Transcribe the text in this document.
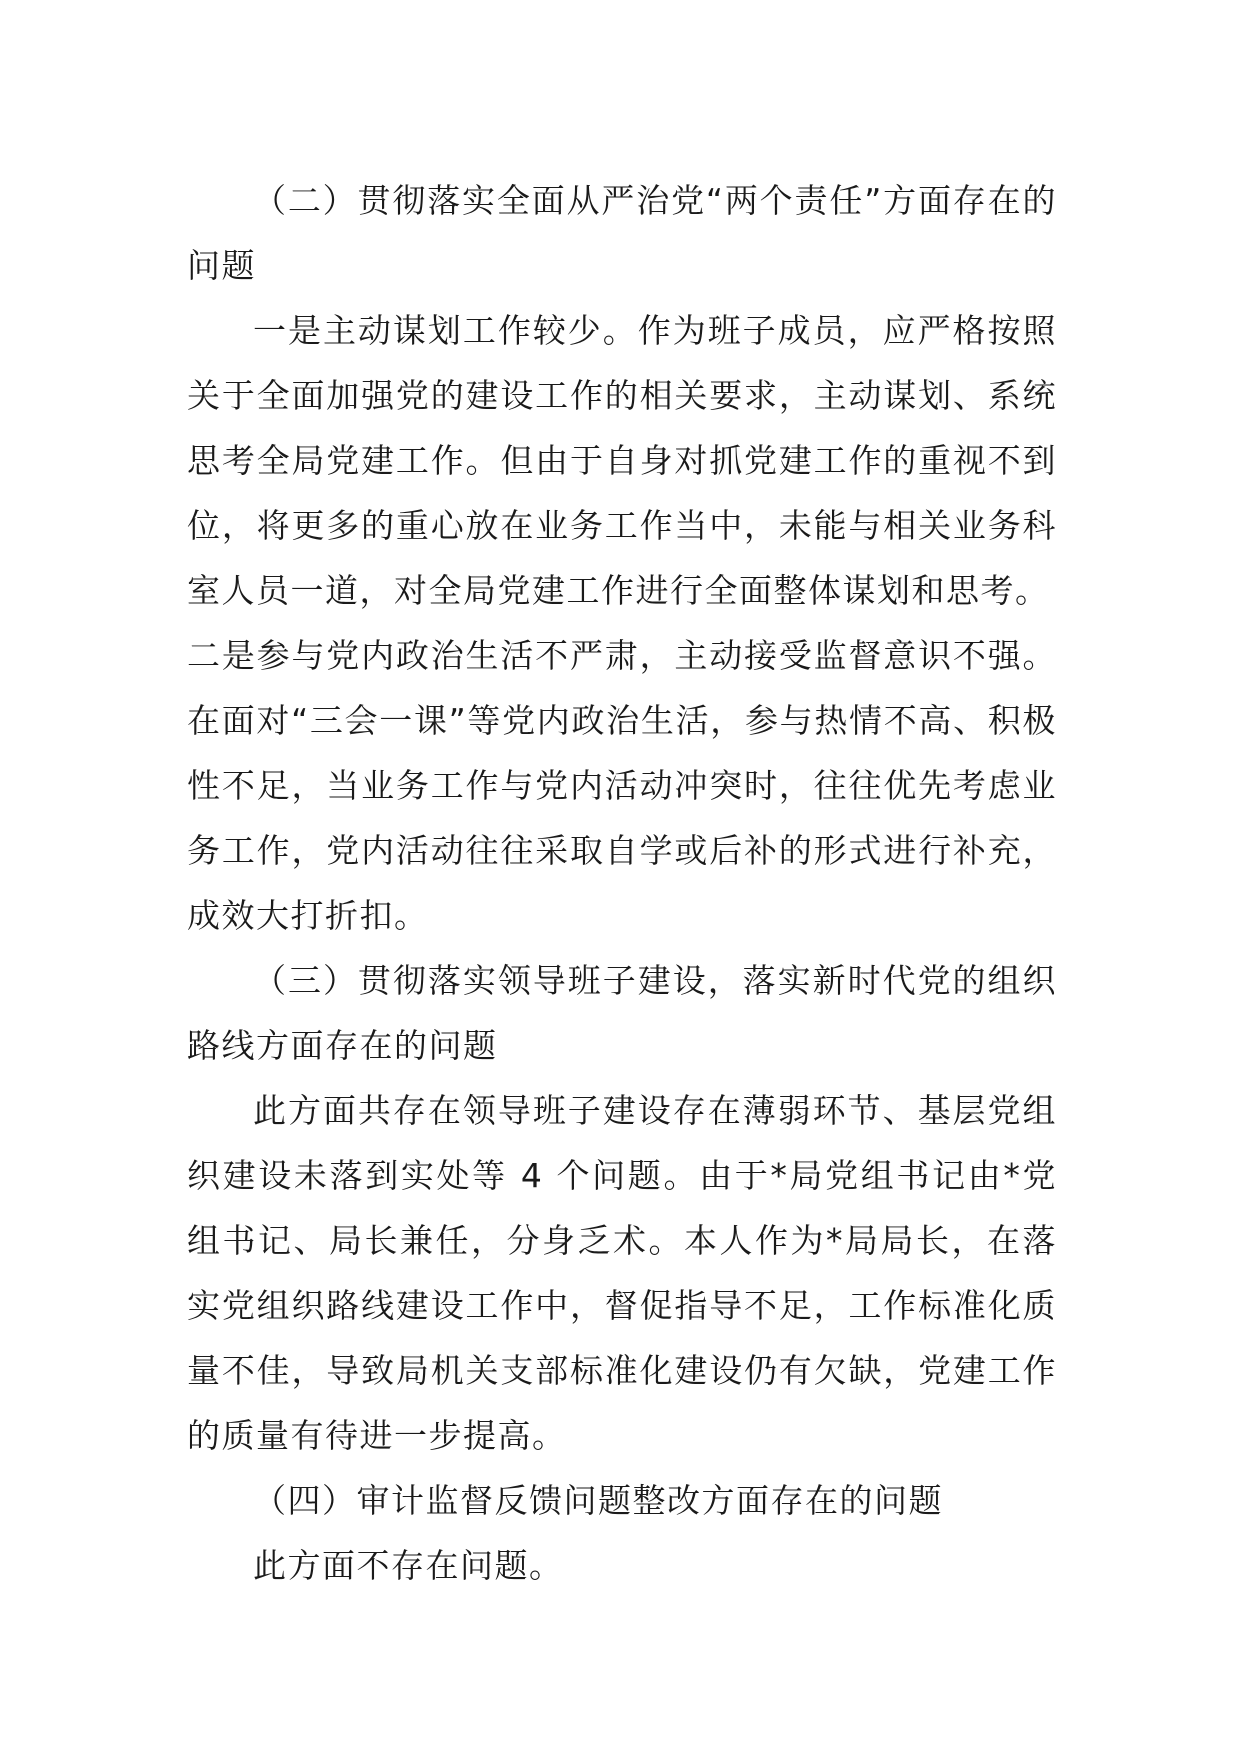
（二）贯彻落实全面从严治党“两个责任”方面存在的问题

一是主动谋划工作较少。作为班子成员，应严格按照关于全面加强党的建设工作的相关要求，主动谋划、系统思考全局党建工作。但由于自身对抓党建工作的重视不到位，将更多的重心放在业务工作当中，未能与相关业务科室人员一道，对全局党建工作进行全面整体谋划和思考。

二是参与党内政治生活不严肃，主动接受监督意识不强。在面对“三会一课”等党内政治生活，参与热情不高、积极性不足，当业务工作与党内活动冲突时，往往优先考虑业务工作，党内活动往往采取自学或后补的形式进行补充，成效大打折扣。

（三）贯彻落实领导班子建设，落实新时代党的组织路线方面存在的问题

此方面共存在领导班子建设存在薄弱环节、基层党组织建设未落到实处等 4 个问题。由于*局党组书记由*党组书记、局长兼任，分身乏术。本人作为*局局长，在落实党组织路线建设工作中，督促指导不足，工作标准化质量不佳，导致局机关支部标准化建设仍有欠缺，党建工作的质量有待进一步提高。

（四）审计监督反馈问题整改方面存在的问题

此方面不存在问题。
